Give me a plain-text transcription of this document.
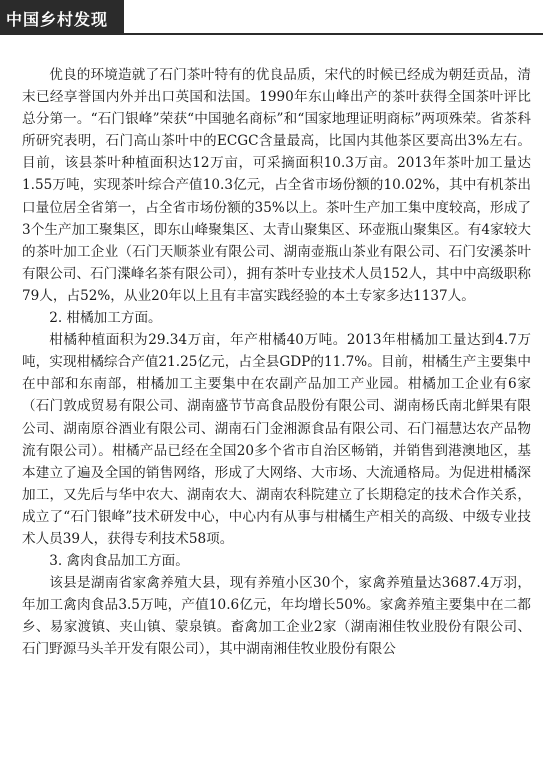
中国乡村发现

优良的环境造就了石门茶叶特有的优良品质，宋代的时候已经成为朝廷贡品，清末已经享誉国内外并出口英国和法国。1990年东山峰出产的茶叶获得全国茶叶评比总分第一。“石门银峰”荣获“中国驰名商标”和“国家地理证明商标”两项殊荣。省茶科所研究表明，石门高山茶叶中的ECGC含量最高，比国内其他茶区要高出3%左右。目前，该县茶叶种植面积达12万亩，可采摘面积10.3万亩。2013年茶叶加工量达1.55万吨，实现茶叶综合产值10.3亿元，占全省市场份额的10.02%，其中有机茶出口量位居全省第一，占全省市场份额的35%以上。茶叶生产加工集中度较高，形成了3个生产加工聚集区，即东山峰聚集区、太青山聚集区、环壶瓶山聚集区。有4家较大的茶叶加工企业（石门天顺茶业有限公司、湖南壶瓶山茶业有限公司、石门安溪茶叶有限公司、石门渫峰名茶有限公司），拥有茶叶专业技术人员152人，其中中高级职称79人，占52%，从业20年以上且有丰富实践经验的本土专家多达1137人。

2. 柑橘加工方面。

柑橘种植面积为29.34万亩，年产柑橘40万吨。2013年柑橘加工量达到4.7万吨，实现柑橘综合产值21.25亿元，占全县GDP的11.7%。目前，柑橘生产主要集中在中部和东南部，柑橘加工主要集中在农副产品加工产业园。柑橘加工企业有6家（石门敦成贸易有限公司、湖南盛节节高食品股份有限公司、湖南杨氏南北鲜果有限公司、湖南原谷酒业有限公司、湖南石门金湘源食品有限公司、石门福慧达农产品物流有限公司）。柑橘产品已经在全国20多个省市自治区畅销，并销售到港澳地区，基本建立了遍及全国的销售网络，形成了大网络、大市场、大流通格局。为促进柑橘深加工，又先后与华中农大、湖南农大、湖南农科院建立了长期稳定的技术合作关系，成立了“石门银峰”技术研发中心，中心内有从事与柑橘生产相关的高级、中级专业技术人员39人，获得专利技术58项。

3. 禽肉食品加工方面。

该县是湖南省家禽养殖大县，现有养殖小区30个，家禽养殖量达3687.4万羽，年加工禽肉食品3.5万吨，产值10.6亿元，年均增长50%。家禽养殖主要集中在二都乡、易家渡镇、夹山镇、蒙泉镇。畜禽加工企业2家（湖南湘佳牧业股份有限公司、石门野源马头羊开发有限公司），其中湖南湘佳牧业股份有限公
